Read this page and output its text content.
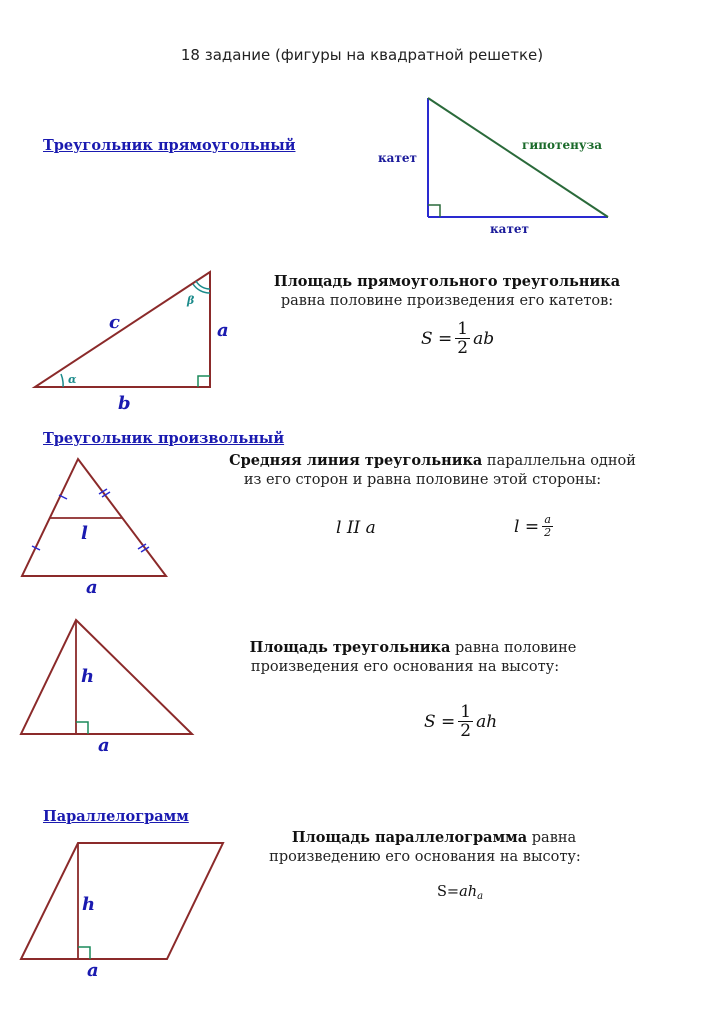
18 задание (фигуры на квадратной решетке)
Треугольник прямоугольный
катет
катет
гипотенуза
c	a
b
α
β
Площадь прямоугольного треугольника
равна половине произведения его катетов:
$S = \frac{1}{2}$ ab
Треугольник произвольный
l
a
Средняя линия треугольника параллельна одной
из его сторон и равна половине этой стороны:
l II a	$l = \frac{a}{2}$
h
a
Площадь треугольника равна половине
произведения его основания на высоту:
$S = \frac{1}{2}$ ah
Параллелограмм
h
a
Площадь параллелограмма равна
произведению его основания на высоту:
$S=ah_a$
